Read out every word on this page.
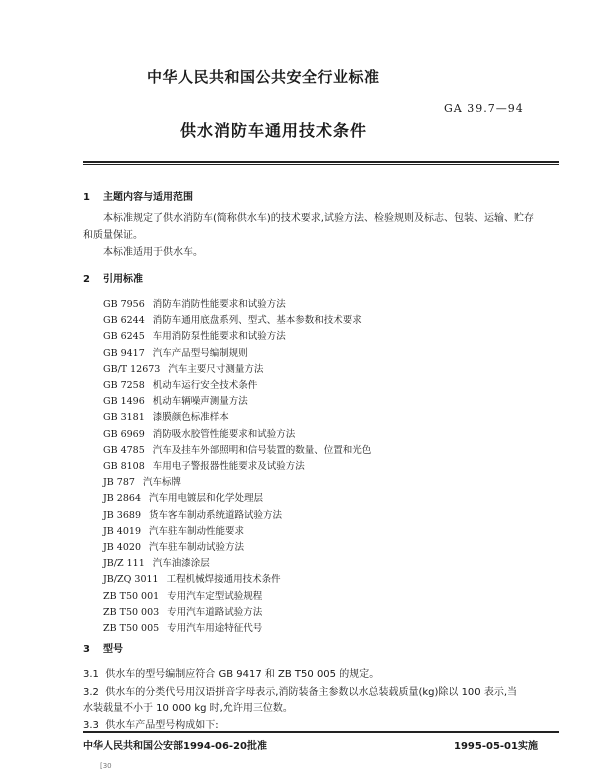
中华人民共和国公共安全行业标准
GA 39.7—94
供水消防车通用技术条件
1 主题内容与适用范围
本标准规定了供水消防车(简称供水车)的技术要求,试验方法、检验规则及标志、包装、运输、贮存
和质量保证。
本标准适用于供水车。
2 引用标准
GB 7956 消防车消防性能要求和试验方法
GB 6244 消防车通用底盘系列、型式、基本参数和技术要求
GB 6245 车用消防泵性能要求和试验方法
GB 9417 汽车产品型号编制规则
GB/T 12673 汽车主要尺寸测量方法
GB 7258 机动车运行安全技术条件
GB 1496 机动车辆噪声测量方法
GB 3181 漆膜颜色标准样本
GB 6969 消防吸水胶管性能要求和试验方法
GB 4785 汽车及挂车外部照明和信号装置的数量、位置和光色
GB 8108 车用电子警报器性能要求及试验方法
JB 787 汽车标牌
JB 2864 汽车用电镀层和化学处理层
JB 3689 货车客车制动系统道路试验方法
JB 4019 汽车驻车制动性能要求
JB 4020 汽车驻车制动试验方法
JB/Z 111 汽车油漆涂层
JB/ZQ 3011 工程机械焊接通用技术条件
ZB T50 001 专用汽车定型试验规程
ZB T50 003 专用汽车道路试验方法
ZB T50 005 专用汽车用途特征代号
3 型号
3.1 供水车的型号编制应符合 GB 9417 和 ZB T50 005 的规定。
3.2 供水车的分类代号用汉语拼音字母表示,消防装备主参数以水总装载质量(kg)除以 100 表示,当
水装载量不小于 10 000 kg 时,允许用三位数。
3.3 供水车产品型号构成如下:
中华人民共和国公安部1994-06-20批准	1995-05-01实施
[30
